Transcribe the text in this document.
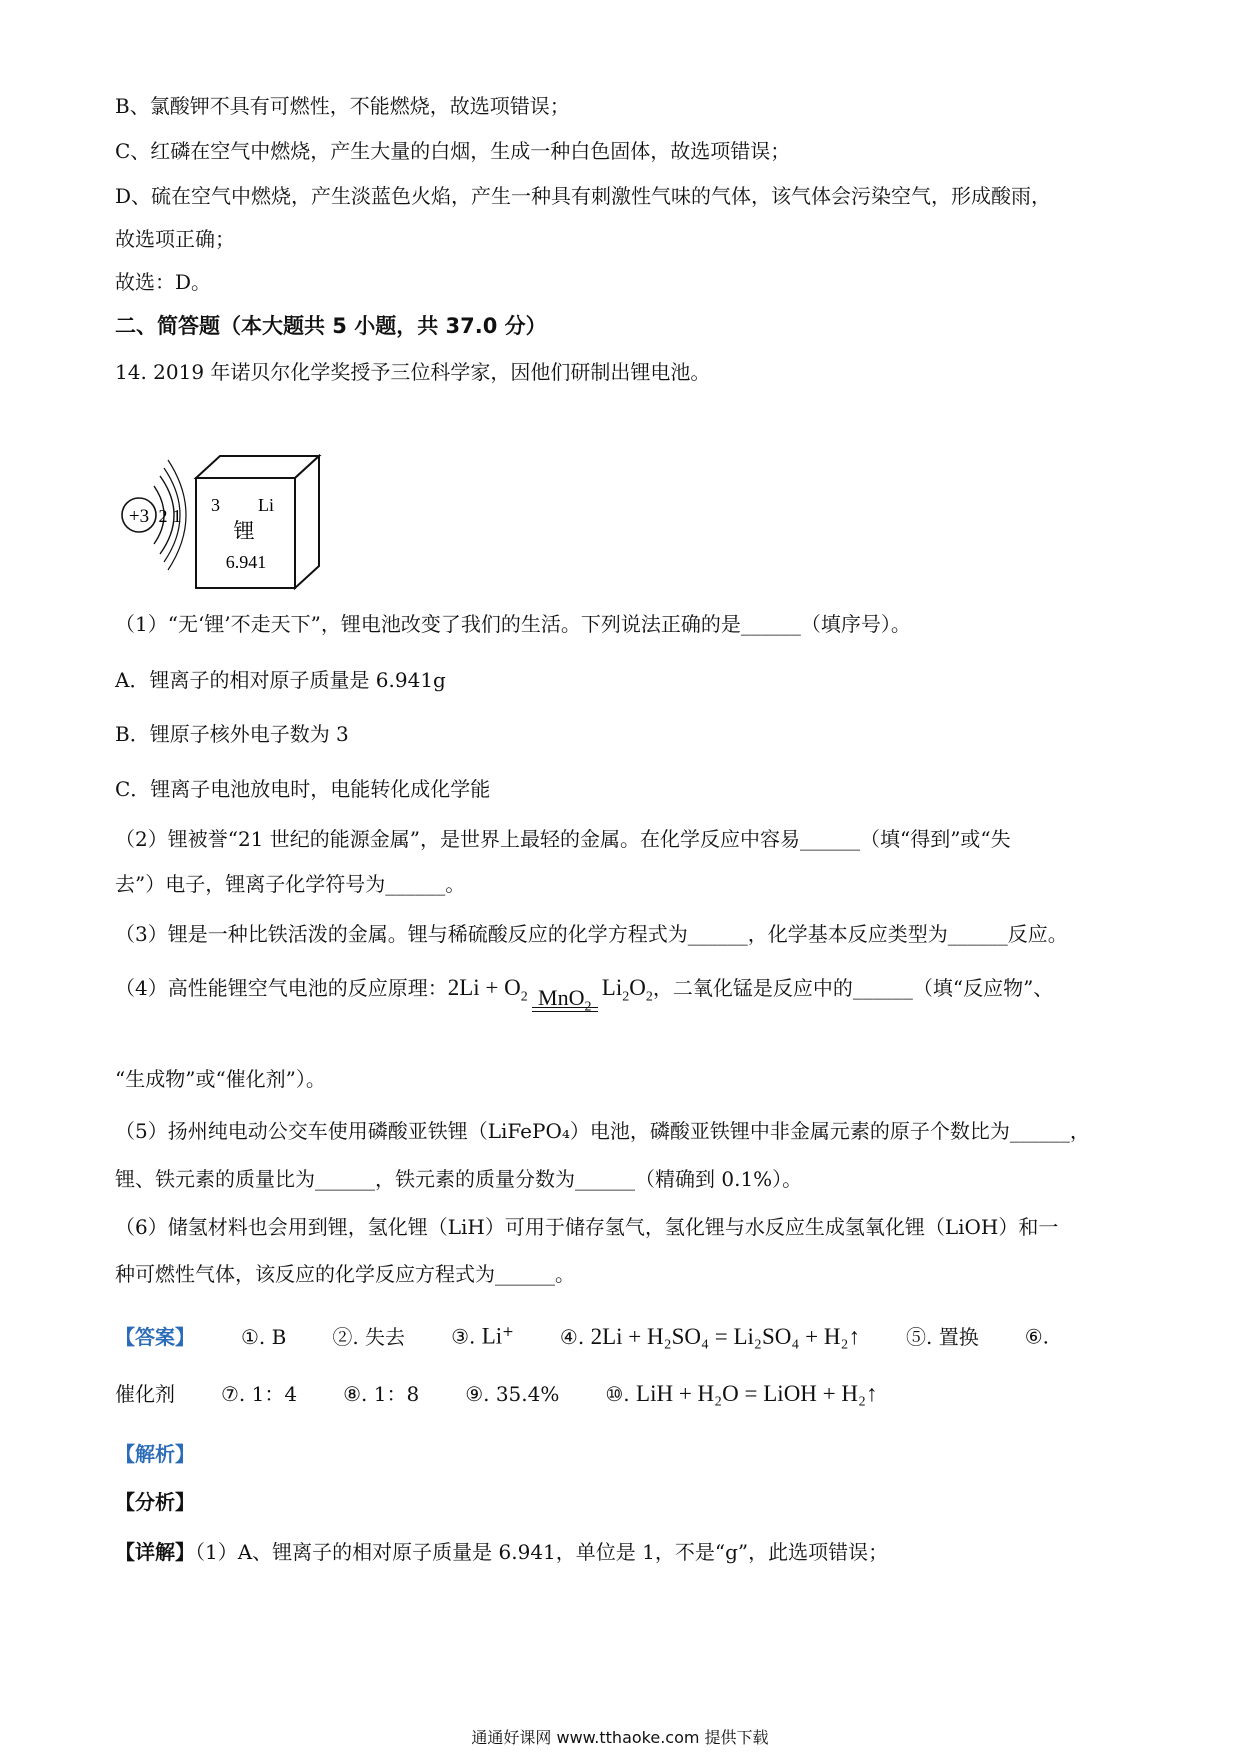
B、氯酸钾不具有可燃性，不能燃烧，故选项错误；
C、红磷在空气中燃烧，产生大量的白烟，生成一种白色固体，故选项错误；
D、硫在空气中燃烧，产生淡蓝色火焰，产生一种具有刺激性气味的气体，该气体会污染空气，形成酸雨，
故选项正确；
故选：D。
二、简答题（本大题共 5 小题，共 37.0 分）
14. 2019 年诺贝尔化学奖授予三位科学家，因他们研制出锂电池。
+3 2 1
3 Li
锂
6.941
（1）“无‘锂’不走天下”，锂电池改变了我们的生活。下列说法正确的是______（填序号）。
A．锂离子的相对原子质量是 6.941g
B．锂原子核外电子数为 3
C．锂离子电池放电时，电能转化成化学能
（2）锂被誉“21 世纪的能源金属”，是世界上最轻的金属。在化学反应中容易______（填“得到”或“失
去”）电子，锂离子化学符号为______。
（3）锂是一种比铁活泼的金属。锂与稀硫酸反应的化学方程式为______，化学基本反应类型为______反应。
（4）高性能锂空气电池的反应原理：$2Li + O_2$ MnO$_2$
$Li_2O_2$，二氧化锰是反应中的______（填“反应物”、
“生成物”或“催化剂”）。
（5）扬州纯电动公交车使用磷酸亚铁锂（LiFePO₄）电池，磷酸亚铁锂中非金属元素的原子个数比为______，
锂、铁元素的质量比为______，铁元素的质量分数为______（精确到 0.1%）。
（6）储氢材料也会用到锂，氢化锂（LiH）可用于储存氢气，氢化锂与水反应生成氢氧化锂（LiOH）和一
种可燃性气体，该反应的化学反应方程式为______。
【答案】 ①. B ②. 失去 ③. Li+ ④. 2Li + H₂SO₄ = Li₂SO₄ + H₂↑ ⑤. 置换 ⑥.
催化剂 ⑦. 1：4 ⑧. 1：8 ⑨. 35.4% ⑩. LiH + H₂O = LiOH + H₂↑
【解析】
【分析】
【详解】（1）A、锂离子的相对原子质量是 6.941，单位是 1，不是“g”，此选项错误；
通通好课网 www.tthaoke.com 提供下载
